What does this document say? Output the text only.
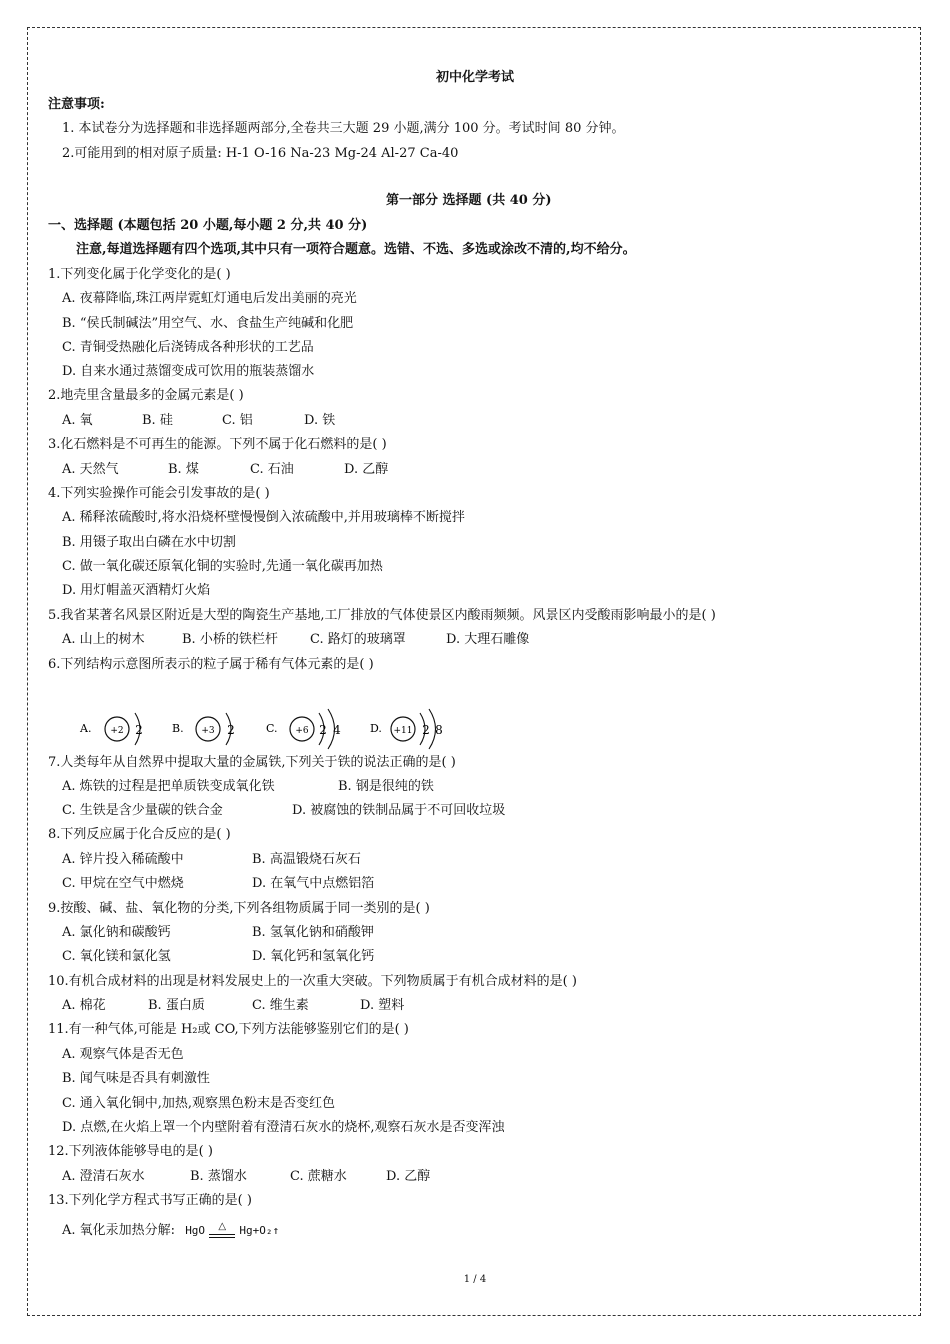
初中化学考试
注意事项:
1. 本试卷分为选择题和非选择题两部分,全卷共三大题 29 小题,满分 100 分。考试时间 80 分钟。
2.可能用到的相对原子质量: H-1 O-16 Na-23 Mg-24 Al-27 Ca-40
第一部分 选择题 (共 40 分)
一、选择题 (本题包括 20 小题,每小题 2 分,共 40 分)
注意,每道选择题有四个选项,其中只有一项符合题意。选错、不选、多选或涂改不清的,均不给分。
1.下列变化属于化学变化的是( )
A. 夜幕降临,珠江两岸霓虹灯通电后发出美丽的亮光
B. “侯氏制碱法”用空气、水、食盐生产纯碱和化肥
C. 青铜受热融化后浇铸成各种形状的工艺品
D. 自来水通过蒸馏变成可饮用的瓶装蒸馏水
2.地壳里含量最多的金属元素是( )
A. 氧	B. 硅	C. 铝	D. 铁
3.化石燃料是不可再生的能源。下列不属于化石燃料的是( )
A. 天然气	B. 煤	C. 石油	D. 乙醇
4.下列实验操作可能会引发事故的是( )
A. 稀释浓硫酸时,将水沿烧杯壁慢慢倒入浓硫酸中,并用玻璃棒不断搅拌
B. 用镊子取出白磷在水中切割
C. 做一氧化碳还原氧化铜的实验时,先通一氧化碳再加热
D. 用灯帽盖灭酒精灯火焰
5.我省某著名风景区附近是大型的陶瓷生产基地,工厂排放的气体使景区内酸雨频频。风景区内受酸雨影响最小的是( )
A. 山上的树木	B. 小桥的铁栏杆 C. 路灯的玻璃罩	D. 大理石雕像
6.下列结构示意图所表示的粒子属于稀有气体元素的是( )
A. +2 2	B. +3 2	C. +6 2 4	D. +11 2 8
7.人类每年从自然界中提取大量的金属铁,下列关于铁的说法正确的是( )
A. 炼铁的过程是把单质铁变成氧化铁	B. 钢是很纯的铁
C. 生铁是含少量碳的铁合金	D. 被腐蚀的铁制品属于不可回收垃圾
8.下列反应属于化合反应的是( )
A. 锌片投入稀硫酸中	B. 高温锻烧石灰石
C. 甲烷在空气中燃烧	D. 在氧气中点燃铝箔
9.按酸、碱、盐、氧化物的分类,下列各组物质属于同一类别的是( )
A. 氯化钠和碳酸钙	B. 氢氧化钠和硝酸钾
C. 氧化镁和氯化氢	D. 氧化钙和氢氧化钙
10.有机合成材料的出现是材料发展史上的一次重大突破。下列物质属于有机合成材料的是( )
A. 棉花	B. 蛋白质	C. 维生素	D. 塑料
11.有一种气体,可能是 H₂或 CO,下列方法能够鉴别它们的是( )
A. 观察气体是否无色
B. 闻气味是否具有刺激性
C. 通入氧化铜中,加热,观察黑色粉末是否变红色
D. 点燃,在火焰上罩一个内壁附着有澄清石灰水的烧杯,观察石灰水是否变浑浊
12.下列液体能够导电的是( )
A. 澄清石灰水	B. 蒸馏水	C. 蔗糖水	D. 乙醇
13.下列化学方程式书写正确的是( )
A. 氧化汞加热分解: HgO	△	Hg+O₂↑
1 / 4
